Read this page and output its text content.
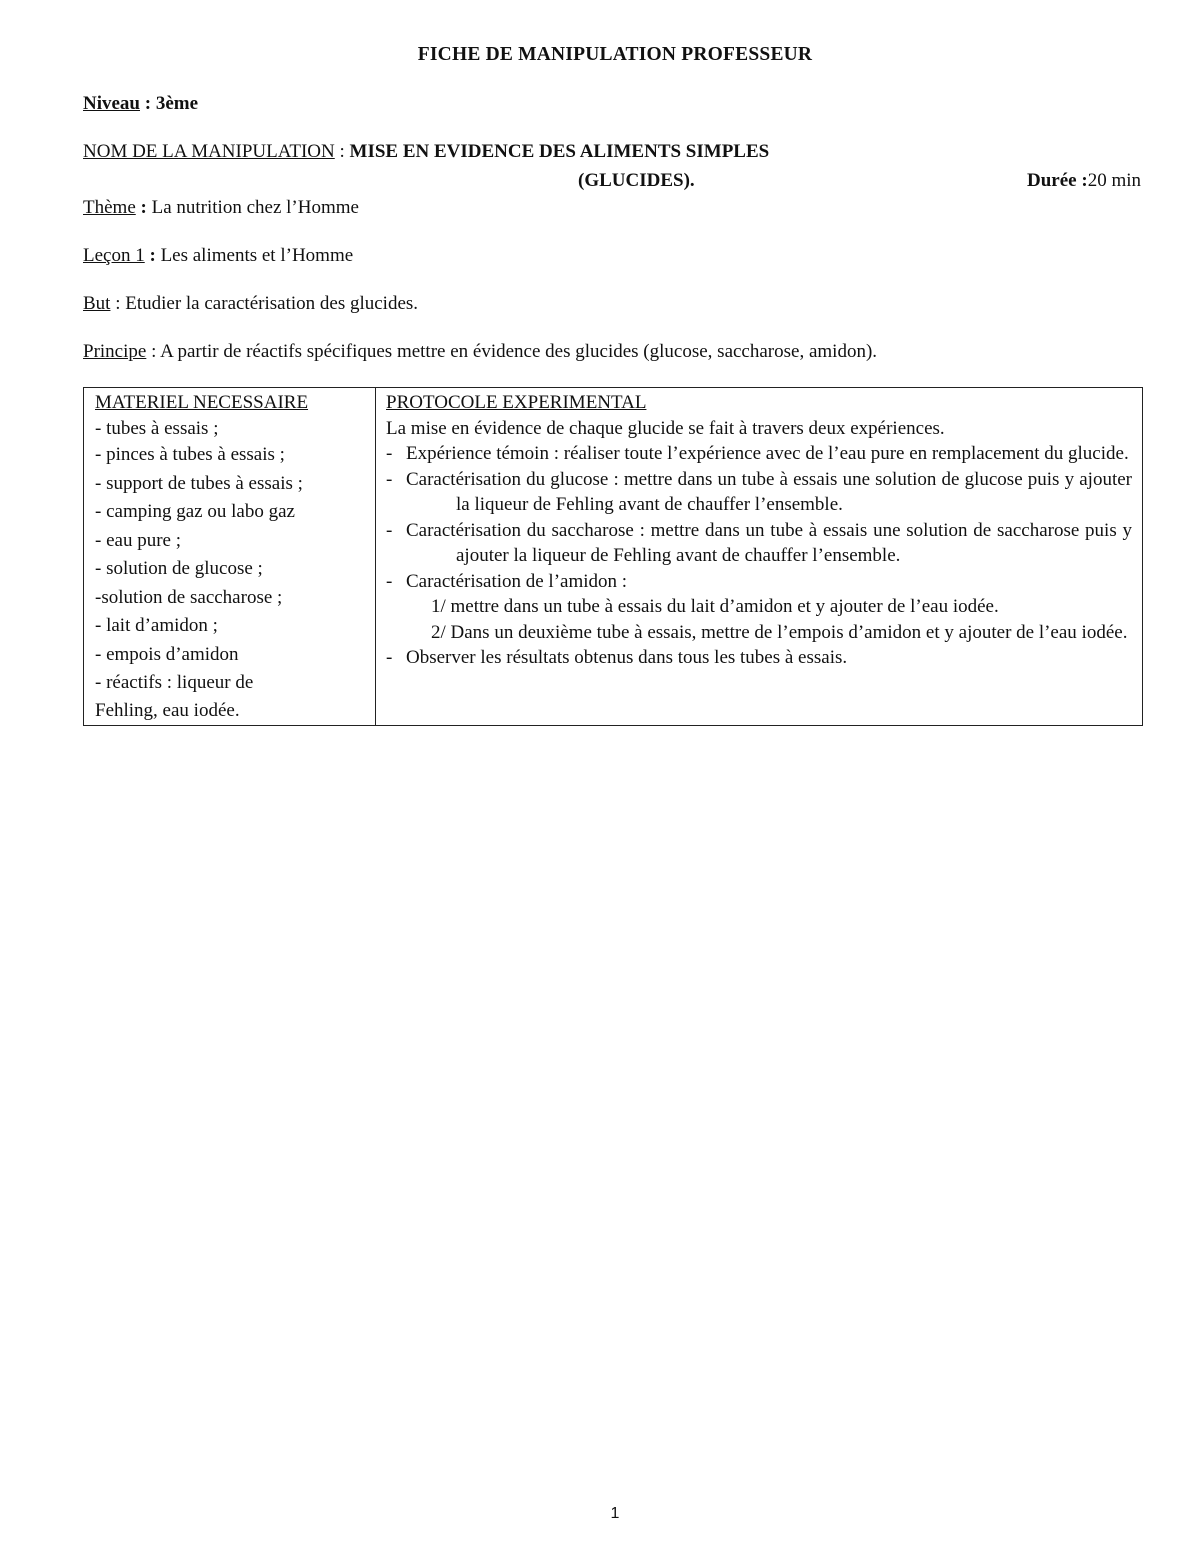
FICHE DE MANIPULATION PROFESSEUR
Niveau : 3ème
NOM DE LA MANIPULATION : MISE EN EVIDENCE DES ALIMENTS SIMPLES
(GLUCIDES).	Durée :20 min
Thème : La nutrition chez l’Homme
Leçon 1 : Les aliments et l’Homme
But : Etudier la caractérisation des glucides.
Principe : A partir de réactifs spécifiques mettre en évidence des glucides (glucose, saccharose, amidon).
MATERIEL NECESSAIRE
- tubes à essais ;
- pinces à tubes à essais ;
- support de tubes à essais ;
- camping gaz ou labo gaz
- eau pure ;
- solution de glucose ;
-solution de saccharose ;
- lait d’amidon ;
- empois d’amidon
- réactifs : liqueur de
Fehling, eau iodée.

PROTOCOLE EXPERIMENTAL
La mise en évidence de chaque glucide se fait à travers deux expériences.
- Expérience témoin : réaliser toute l’expérience avec de l’eau pure en remplacement du glucide.
- Caractérisation du glucose : mettre dans un tube à essais une solution de glucose puis y ajouter la liqueur de Fehling avant de chauffer l’ensemble.
- Caractérisation du saccharose : mettre dans un tube à essais une solution de saccharose puis y ajouter la liqueur de Fehling avant de chauffer l’ensemble.
- Caractérisation de l’amidon :
1/ mettre dans un tube à essais du lait d’amidon et y ajouter de l’eau iodée.
2/ Dans un deuxième tube à essais, mettre de l’empois d’amidon et y ajouter de l’eau iodée.
- Observer les résultats obtenus dans tous les tubes à essais.
1
